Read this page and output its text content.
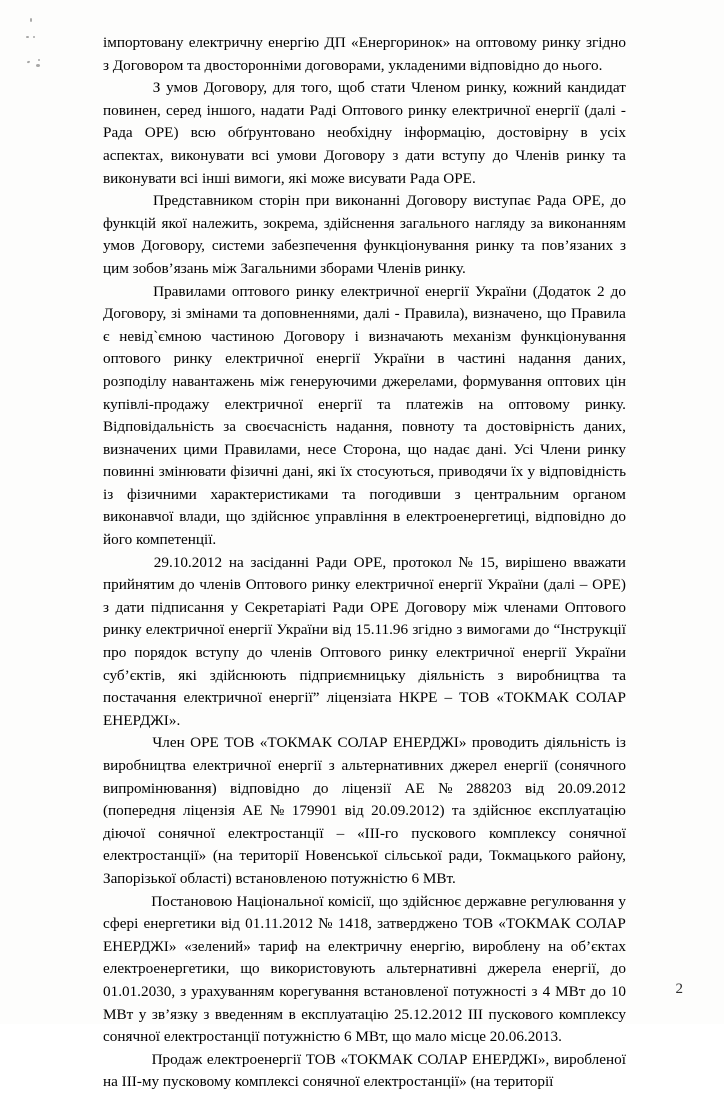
імпортовану електричну енергію ДП «Енергоринок» на оптовому ринку згідно
з Договором та двосторонніми договорами, укладеними відповідно до нього.

З умов Договору, для того, щоб стати Членом ринку, кожний кандидат
повинен, серед іншого, надати Раді Оптового ринку електричної енергії (далі -
Рада ОРЕ) всю обґрунтовано необхідну інформацію, достовірну в усіх
аспектах, виконувати всі умови Договору з дати вступу до Членів ринку та
виконувати всі інші вимоги, які може висувати Рада ОРЕ.

Представником сторін при виконанні Договору виступає Рада ОРЕ, до
функцій якої належить, зокрема, здійснення загального нагляду за виконанням
умов Договору, системи забезпечення функціонування ринку та пов’язаних з
цим зобов’язань між Загальними зборами Членів ринку.

Правилами оптового ринку електричної енергії України (Додаток 2 до
Договору, зі змінами та доповненнями, далі - Правила), визначено, що Правила
є невід`ємною частиною Договору і визначають механізм функціонування
оптового ринку електричної енергії України в частині надання даних,
розподілу навантажень між генеруючими джерелами, формування оптових цін
купівлі-продажу електричної енергії та платежів на оптовому ринку.
Відповідальність за своєчасність надання, повноту та достовірність даних,
визначених цими Правилами, несе Сторона, що надає дані. Усі Члени ринку
повинні змінювати фізичні дані, які їх стосуються, приводячи їх у відповідність
із фізичними характеристиками та погодивши з центральним органом
виконавчої влади, що здійснює управління в електроенергетиці, відповідно до
його компетенції.

29.10.2012 на засіданні Ради ОРЕ, протокол № 15, вирішено вважати
прийнятим до членів Оптового ринку електричної енергії України (далі – ОРЕ)
з дати підписання у Секретаріаті Ради ОРЕ Договору між членами Оптового
ринку електричної енергії України від 15.11.96 згідно з вимогами до “Інструкції
про порядок вступу до членів Оптового ринку електричної енергії України
суб’єктів, які здійснюють підприємницьку діяльність з виробництва та
постачання електричної енергії” ліцензіата НКРЕ – ТОВ «ТОКМАК СОЛАР
ЕНЕРДЖІ».

Член ОРЕ ТОВ «ТОКМАК СОЛАР ЕНЕРДЖІ» проводить діяльність із
виробництва електричної енергії з альтернативних джерел енергії (сонячного
випромінювання) відповідно до ліцензії АЕ № 288203 від 20.09.2012
(попередня ліцензія АЕ № 179901 від 20.09.2012) та здійснює експлуатацію
діючої сонячної електростанції – «ІІІ-го пускового комплексу сонячної
електростанції» (на території Новенської сільської ради, Токмацького району,
Запорізької області) встановленою потужністю 6 МВт.

Постановою Національної комісії, що здійснює державне регулювання у
сфері енергетики від 01.11.2012 № 1418, затверджено ТОВ «ТОКМАК СОЛАР
ЕНЕРДЖІ» «зелений» тариф на електричну енергію, вироблену на об’єктах
електроенергетики, що використовують альтернативні джерела енергії, до
01.01.2030, з урахуванням корегування встановленої потужності з 4 МВт до 10
МВт у зв’язку з введенням в експлуатацію 25.12.2012 ІІІ пускового комплексу
сонячної електростанції потужністю 6 МВт, що мало місце 20.06.2013.

Продаж електроенергії ТОВ «ТОКМАК СОЛАР ЕНЕРДЖІ», виробленої
на ІІІ-му пусковому комплексі сонячної електростанції» (на території

2
